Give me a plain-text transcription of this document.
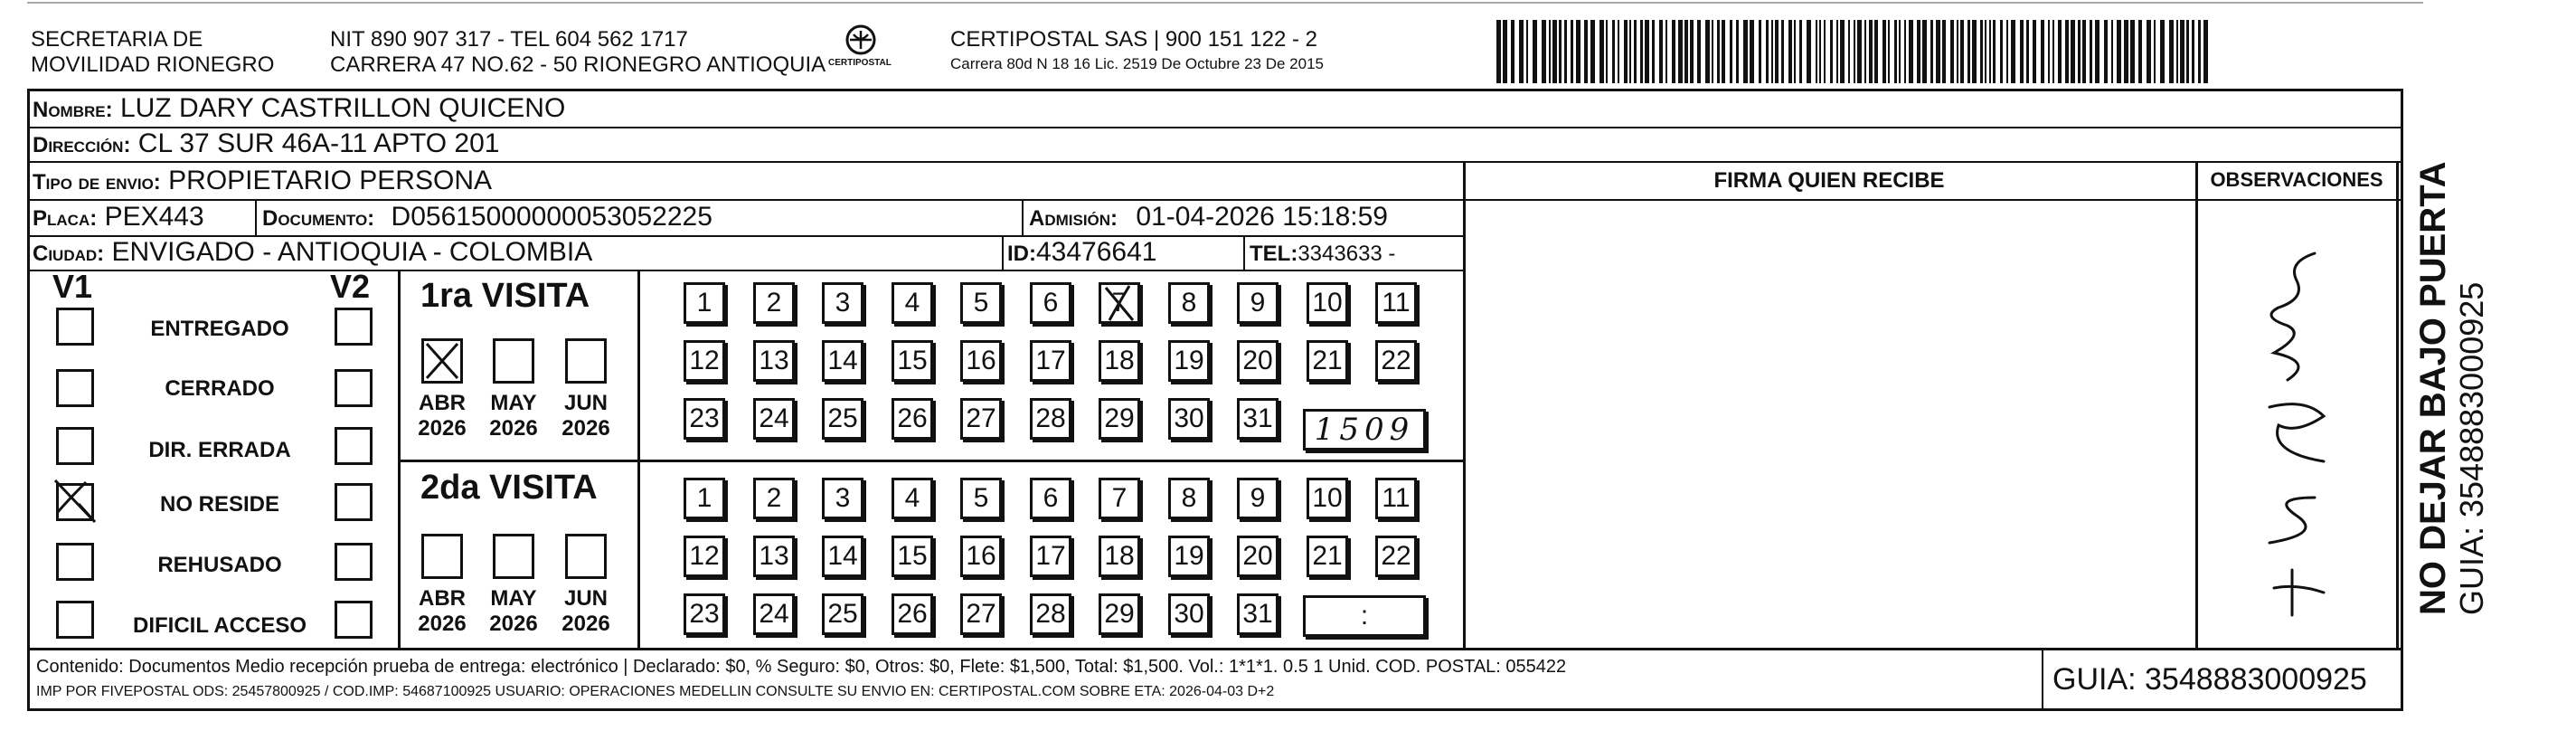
SECRETARIA DE
MOVILIDAD RIONEGRO
NIT 890 907 317 - TEL 604 562 1717
CARRERA 47 NO.62 - 50 RIONEGRO ANTIOQUIA CERTIPOSTAL
CERTIPOSTAL SAS | 900 151 122 - 2
Carrera 80d N 18 16 Lic. 2519 De Octubre 23 De 2015
Nombre: LUZ DARY CASTRILLON QUICENO
Dirección: CL 37 SUR 46A-11 APTO 201
Tipo de envio: PROPIETARIO PERSONA
Placa: PEX443	Documento: D05615000000053052225	Admisión: 01-04-2026 15:18:59
Ciudad: ENVIGADO - ANTIOQUIA - COLOMBIA	ID:43476641	TEL:3343633 -
V1	V2
ENTREGADO
CERRADO
DIR. ERRADA
NO RESIDE
REHUSADO
DIFICIL ACCESO
1ra VISITA
ABR
2026
MAY
2026
JUN
2026
2da VISITA
ABR
2026
MAY
2026
JUN
2026
1	2	3	4	5	6	7	8	9	10 11
12 13 14 15 16 17 18 19 20 21 22
23 24 25 26 27 28 29 30 31
1	2	3	4	5	6	7	8	9	10 11
12 13 14 15 16 17 18 19 20 21 22
23 24 25 26 27 28 29 30 31
1509
:
FIRMA QUIEN RECIBE	OBSERVACIONES NO DEJAR BAJO PUERTA GUIA: 3548883000925
Contenido: Documentos Medio recepción prueba de entrega: electrónico | Declarado: $0, % Seguro: $0, Otros: $0, Flete: $1,500, Total: $1,500. Vol.: 1*1*1. 0.5 1 Unid. COD. POSTAL: 055422
IMP POR FIVEPOSTAL ODS: 25457800925 / COD.IMP: 54687100925 USUARIO: OPERACIONES MEDELLIN CONSULTE SU ENVIO EN: CERTIPOSTAL.COM SOBRE ETA: 2026-04-03 D+2	GUIA: 3548883000925
